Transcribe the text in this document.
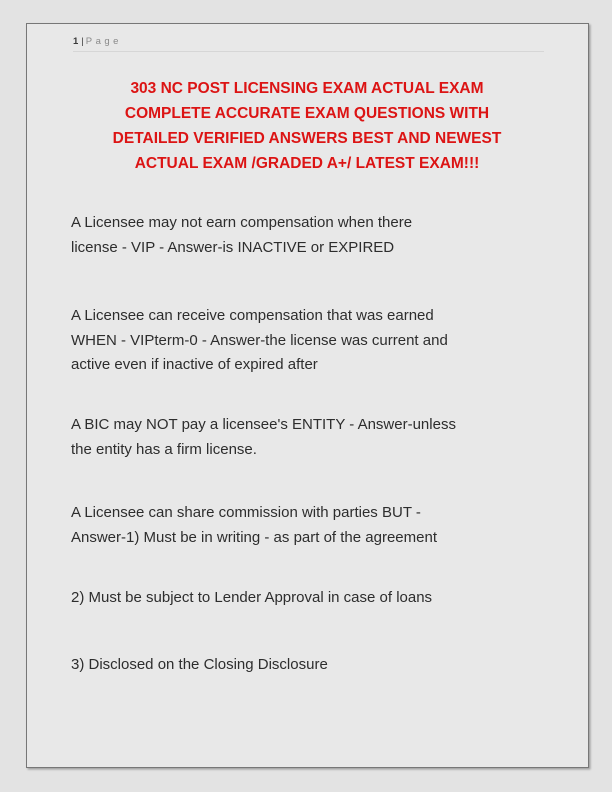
1 | Page
303 NC POST LICENSING EXAM ACTUAL EXAM
COMPLETE ACCURATE EXAM QUESTIONS WITH
DETAILED VERIFIED ANSWERS BEST AND NEWEST
ACTUAL EXAM /GRADED A+/ LATEST EXAM!!!
A Licensee may not earn compensation when there
license - VIP - Answer-is INACTIVE or EXPIRED
A Licensee can receive compensation that was earned
WHEN - VIPterm-0 - Answer-the license was current and
active even if inactive of expired after
A BIC may NOT pay a licensee's ENTITY - Answer-unless
the entity has a firm license.
A Licensee can share commission with parties BUT -
Answer-1) Must be in writing - as part of the agreement
2) Must be subject to Lender Approval in case of loans
3) Disclosed on the Closing Disclosure
